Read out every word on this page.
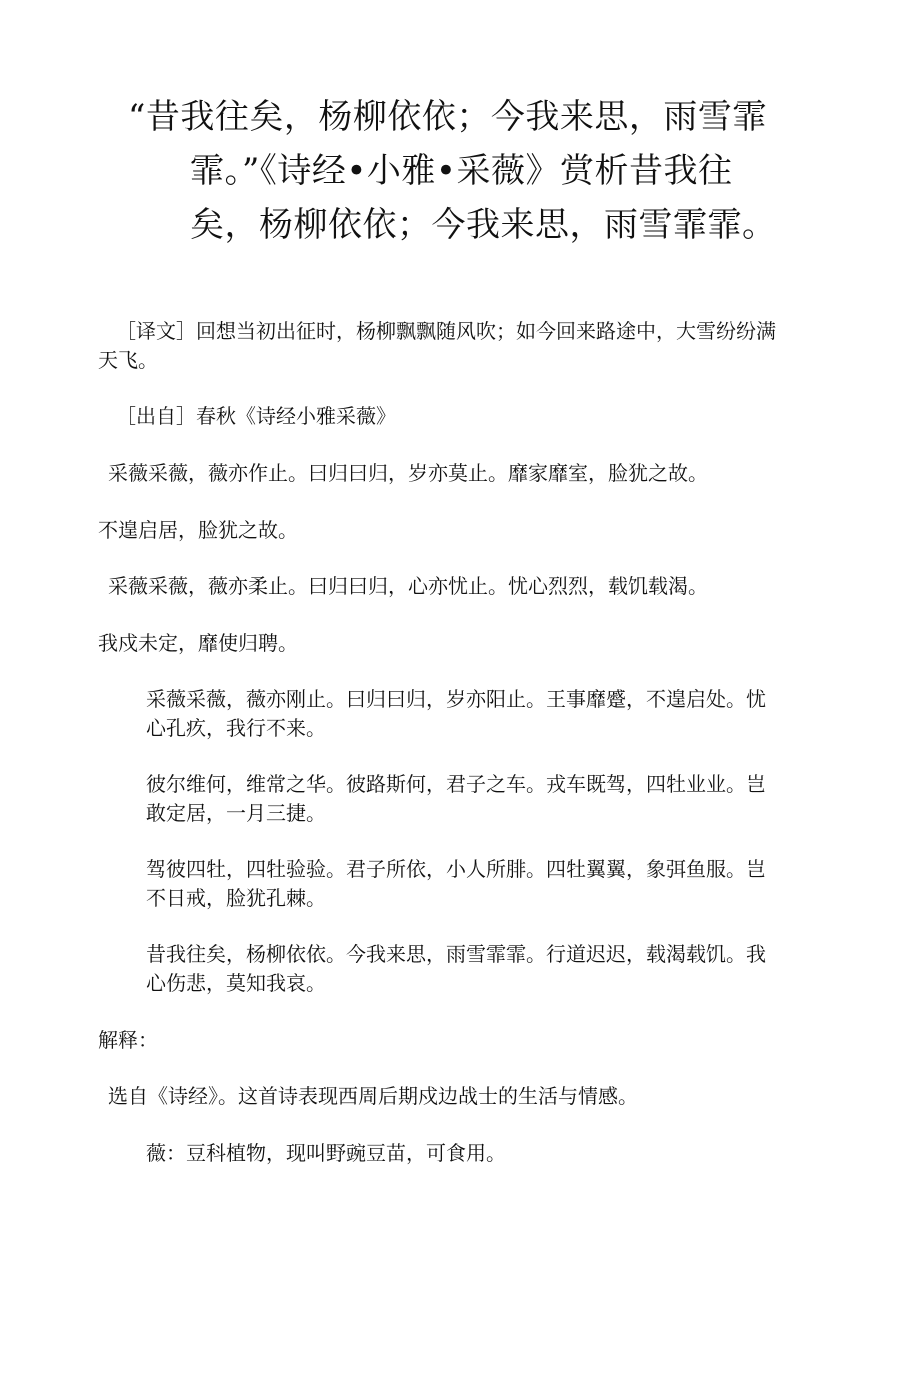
“昔我往矣，杨柳依依；今我来思，雨雪霏
霏。”《诗经•小雅•采薇》赏析昔我往
矣，杨柳依依；今我来思，雨雪霏霏。

［译文］回想当初出征时，杨柳飘飘随风吹；如今回来路途中，大雪纷纷满
天飞。

［出自］春秋《诗经小雅采薇》

采薇采薇，薇亦作止。曰归曰归，岁亦莫止。靡家靡室，脸犹之故。

不遑启居，脸犹之故。

采薇采薇，薇亦柔止。曰归曰归，心亦忧止。忧心烈烈，载饥载渴。

我戍未定，靡使归聘。

采薇采薇，薇亦刚止。曰归曰归，岁亦阳止。王事靡蹙，不遑启处。忧
心孔疚，我行不来。

彼尔维何，维常之华。彼路斯何，君子之车。戎车既驾，四牡业业。岂
敢定居，一月三捷。

驾彼四牡，四牡验验。君子所依，小人所腓。四牡翼翼，象弭鱼服。岂
不日戒，脸犹孔棘。

昔我往矣，杨柳依依。今我来思，雨雪霏霏。行道迟迟，载渴载饥。我
心伤悲，莫知我哀。

解释：

选自《诗经》。这首诗表现西周后期戍边战士的生活与情感。

薇：豆科植物，现叫野豌豆苗，可食用。
